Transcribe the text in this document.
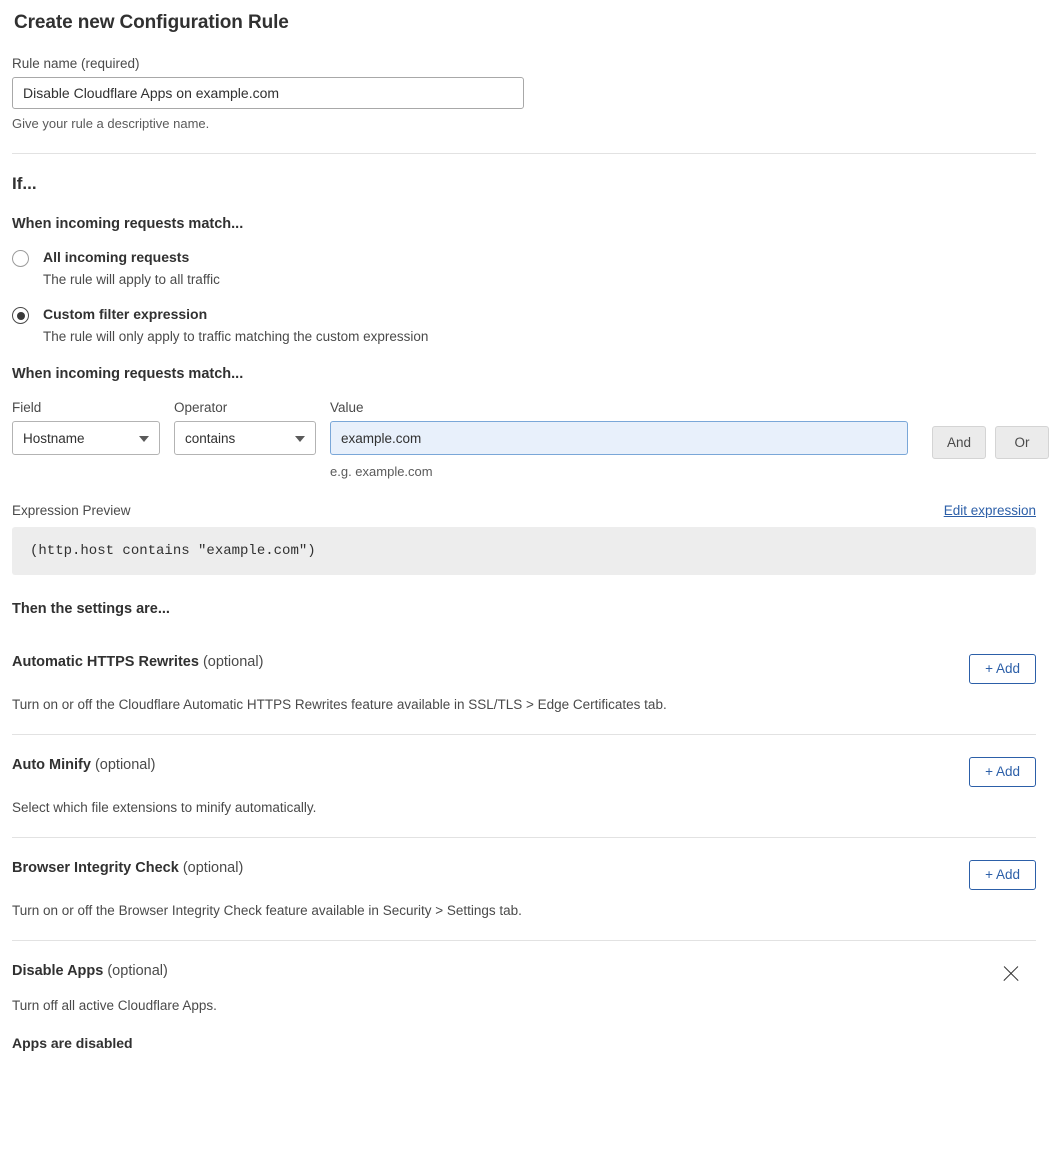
Create new Configuration Rule
Rule name (required)
Disable Cloudflare Apps on example.com
Give your rule a descriptive name.
If...
When incoming requests match...
All incoming requests
The rule will apply to all traffic
Custom filter expression
The rule will only apply to traffic matching the custom expression
When incoming requests match...
Field
Hostname
Operator
contains
Value
example.com
e.g. example.com
And	Or
Expression Preview	Edit expression
(http.host contains "example.com")
Then the settings are...
Automatic HTTPS Rewrites (optional)	+ Add
Turn on or off the Cloudflare Automatic HTTPS Rewrites feature available in SSL/TLS > Edge Certificates tab.
Auto Minify (optional)	+ Add
Select which file extensions to minify automatically.
Browser Integrity Check (optional)	+ Add
Turn on or off the Browser Integrity Check feature available in Security > Settings tab.
Disable Apps (optional)
Turn off all active Cloudflare Apps.
Apps are disabled
